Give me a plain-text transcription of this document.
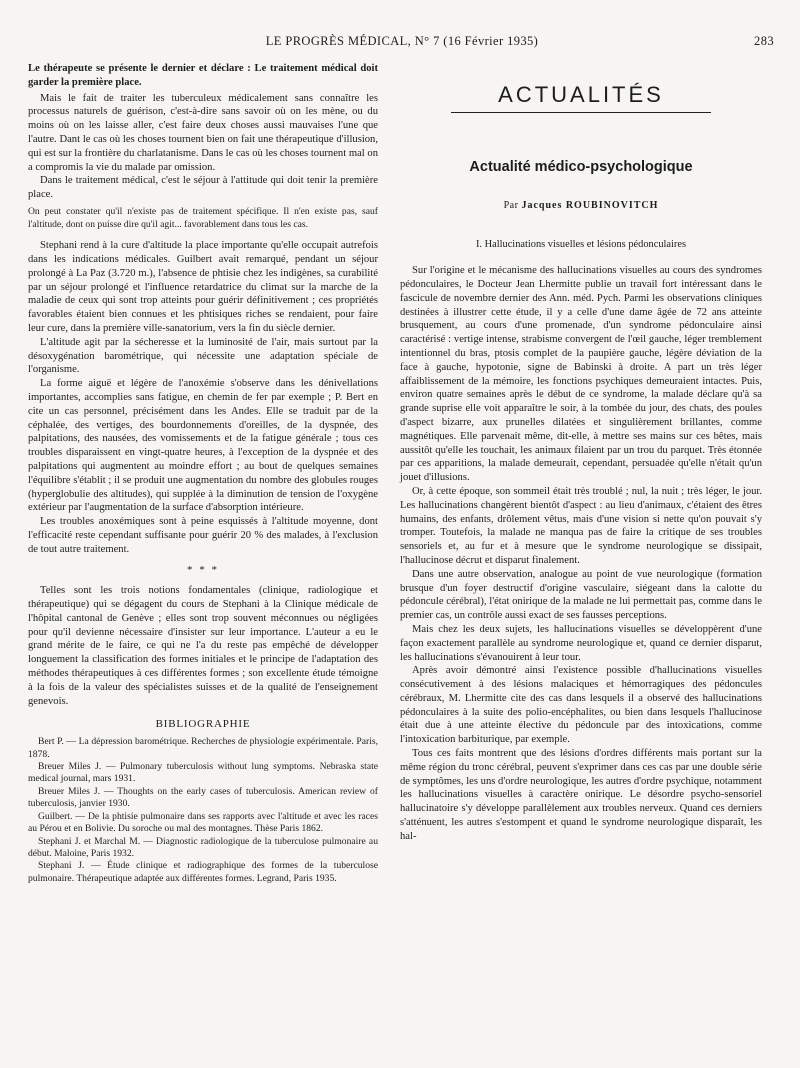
LE PROGRÈS MÉDICAL, N° 7 (16 Février 1935)	283

Le thérapeute se présente le dernier et déclare : Le traitement médical doit garder la première place.

Mais le fait de traiter les tuberculeux médicalement sans connaître les processus naturels de guérison, c'est-à-dire sans savoir où on les mène, ou du moins où on les laisse aller, c'est faire deux choses aussi mauvaises l'une que l'autre. Dant le cas où les choses tournent bien on fait une thérapeutique d'illusion, qui est sur la frontière du charlatanisme. Dans le cas où les choses tournent mal on a compromis la vie du malade par omission.

Dans le traitement médical, c'est le séjour à l'attitude qui doit tenir la première place.

On peut constater qu'il n'existe pas de traitement spécifique. Il n'en existe pas, sauf l'altitude, dont on puisse dire qu'il agit... favorablement dans tous les cas.

Stephani rend à la cure d'altitude la place importante qu'elle occupait autrefois dans les indications médicales. Guilbert avait remarqué, pendant un séjour prolongé à La Paz (3.720 m.), l'absence de phtisie chez les indigènes, sa curabilité par un séjour prolongé et l'influence retardatrice du climat sur la marche de la maladie de ceux qui sont trop atteints pour guérir définitivement ; ces propriétés favorables étaient bien connues et les phtisiques riches se rendaient, pour faire leur cure, dans la première ville-sanatorium, vers la fin du siècle dernier.

L'altitude agit par la sécheresse et la luminosité de l'air, mais surtout par la désoxygénation barométrique, qui nécessite une adaptation spéciale de l'organisme.

La forme aiguë et légère de l'anoxémie s'observe dans les dénivellations importantes, accomplies sans fatigue, en chemin de fer par exemple ; P. Bert en cite un cas personnel, précisément dans les Andes. Elle se traduit par de la céphalée, des vertiges, des bourdonnements d'oreilles, de la dyspnée, des palpitations, des nausées, des vomissements et de la fatigue générale ; tous ces troubles disparaissent en vingt-quatre heures, à l'exception de la dyspnée et des palpitations qui augmentent au moindre effort ; au bout de quelques semaines l'équilibre s'établit ; il se produit une augmentation du nombre des globules rouges (hyperglobulie des altitudes), qui supplée à la diminution de tension de l'oxygène extérieur par l'augmentation de la surface d'absorption intérieure.

Les troubles anoxémiques sont à peine esquissés à l'altitude moyenne, dont l'efficacité reste cependant suffisante pour guérir 20 % des malades, à l'exclusion de tout autre traitement.

* * *

Telles sont les trois notions fondamentales (clinique, radiologique et thérapeutique) qui se dégagent du cours de Stephani à la Clinique médicale de l'hôpital cantonal de Genève ; elles sont trop souvent méconnues ou négligées pour qu'il devienne nécessaire d'insister sur leur importance. L'auteur a eu le grand mérite de le faire, ce qui ne l'a du reste pas empêché de développer longuement la classification des formes initiales et le principe de l'adaptation des méthodes thérapeutiques à ces différentes formes ; son excellente étude témoigne à la fois de la valeur des spécialistes suisses et de la qualité de l'enseignement genevois.

BIBLIOGRAPHIE

Bert P. — La dépression barométrique. Recherches de physiologie expérimentale. Paris, 1878.

Breuer Miles J. — Pulmonary tuberculosis without lung symptoms. Nebraska state medical journal, mars 1931.

Breuer Miles J. — Thoughts on the early cases of tuberculosis. American review of tuberculosis, janvier 1930.

Guilbert. — De la phtisie pulmonaire dans ses rapports avec l'altitude et avec les races au Pérou et en Bolivie. Du soroche ou mal des montagnes. Thèse Paris 1862.

Stephani J. et Marchal M. — Diagnostic radiologique de la tuberculose pulmonaire au début. Maloine, Paris 1932.

Stephani J. — Étude clinique et radiographique des formes de la tuberculose pulmonaire. Thérapeutique adaptée aux différentes formes. Legrand, Paris 1935.

ACTUALITÉS
Actualité médico-psychologique
Par Jacques ROUBINOVITCH
I. Hallucinations visuelles et lésions pédonculaires

Sur l'origine et le mécanisme des hallucinations visuelles au cours des syndromes pédonculaires, le Docteur Jean Lhermitte publie un travail fort intéressant dans le fascicule de novembre dernier des Ann. méd. Pych. Parmi les observations cliniques destinées à illustrer cette étude, il y a celle d'une dame âgée de 72 ans atteinte brusquement, au cours d'une promenade, d'un syndrome pédonculaire ainsi caractérisé : vertige intense, strabisme convergent de l'œil gauche, léger tremblement intentionnel du bras, ptosis complet de la paupière gauche, légère déviation de la face à gauche, hypotonie, signe de Babinski à droite. A part un très léger affaiblissement de la mémoire, les fonctions psychiques demeuraient intactes. Puis, environ quatre semaines après le début de ce syndrome, la malade déclare qu'à sa grande suprise elle voit apparaître le soir, à la tombée du jour, des chats, des poules d'aspect bizarre, aux prunelles dilatées et singulièrement brillantes, comme magnétiques. Elle parvenait même, dit-elle, à mettre ses mains sur ces bêtes, mais aussitôt qu'elle les touchait, les animaux filaient par un trou du parquet. Très étonnée par ces apparitions, la malade demeurait, cependant, persuadée qu'elle n'était qu'un jouet d'illusions.

Or, à cette époque, son sommeil était très troublé ; nul, la nuit ; très léger, le jour. Les hallucinations changèrent bientôt d'aspect : au lieu d'animaux, c'étaient des êtres humains, des enfants, drôlement vêtus, mais d'une vision si nette qu'on pouvait s'y tromper. Toutefois, la malade ne manqua pas de faire la critique de ses troubles sensoriels et, au fur et à mesure que le syndrome neurologique se dissipait, l'hallucinose décrut et disparut finalement.

Dans une autre observation, analogue au point de vue neurologique (formation brusque d'un foyer destructif d'origine vasculaire, siégeant dans la calotte du pédoncule cérébral), l'état onirique de la malade ne lui permettait pas, comme dans le premier cas, un contrôle aussi exact de ses fausses perceptions.

Mais chez les deux sujets, les hallucinations visuelles se développèrent d'une façon exactement parallèle au syndrome neurologique et, quand ce dernier disparut, les hallucinations s'évanouirent à leur tour.

Après avoir démontré ainsi l'existence possible d'hallucinations visuelles consécutivement à des lésions malaciques et hémorragiques des pédoncules cérébraux, M. Lhermitte cite des cas dans lesquels il a observé des hallucinations pédonculaires à la suite des polio-encéphalites, ou bien dans lesquels l'hallucinose était due à une atteinte élective du pédoncule par des intoxications, comme l'intoxication barbiturique, par exemple.

Tous ces faits montrent que des lésions d'ordres différents mais portant sur la même région du tronc cérébral, peuvent s'exprimer dans ces cas par une double série de symptômes, les uns d'ordre neurologique, les autres d'ordre psychique, notamment les hallucinations visuelles à caractère onirique. Le désordre psycho-sensoriel hallucinatoire s'y développe parallèlement aux troubles nerveux. Quand ces derniers s'atténuent, les autres s'estompent et quand le syndrome neurologique disparaît, les hal-
